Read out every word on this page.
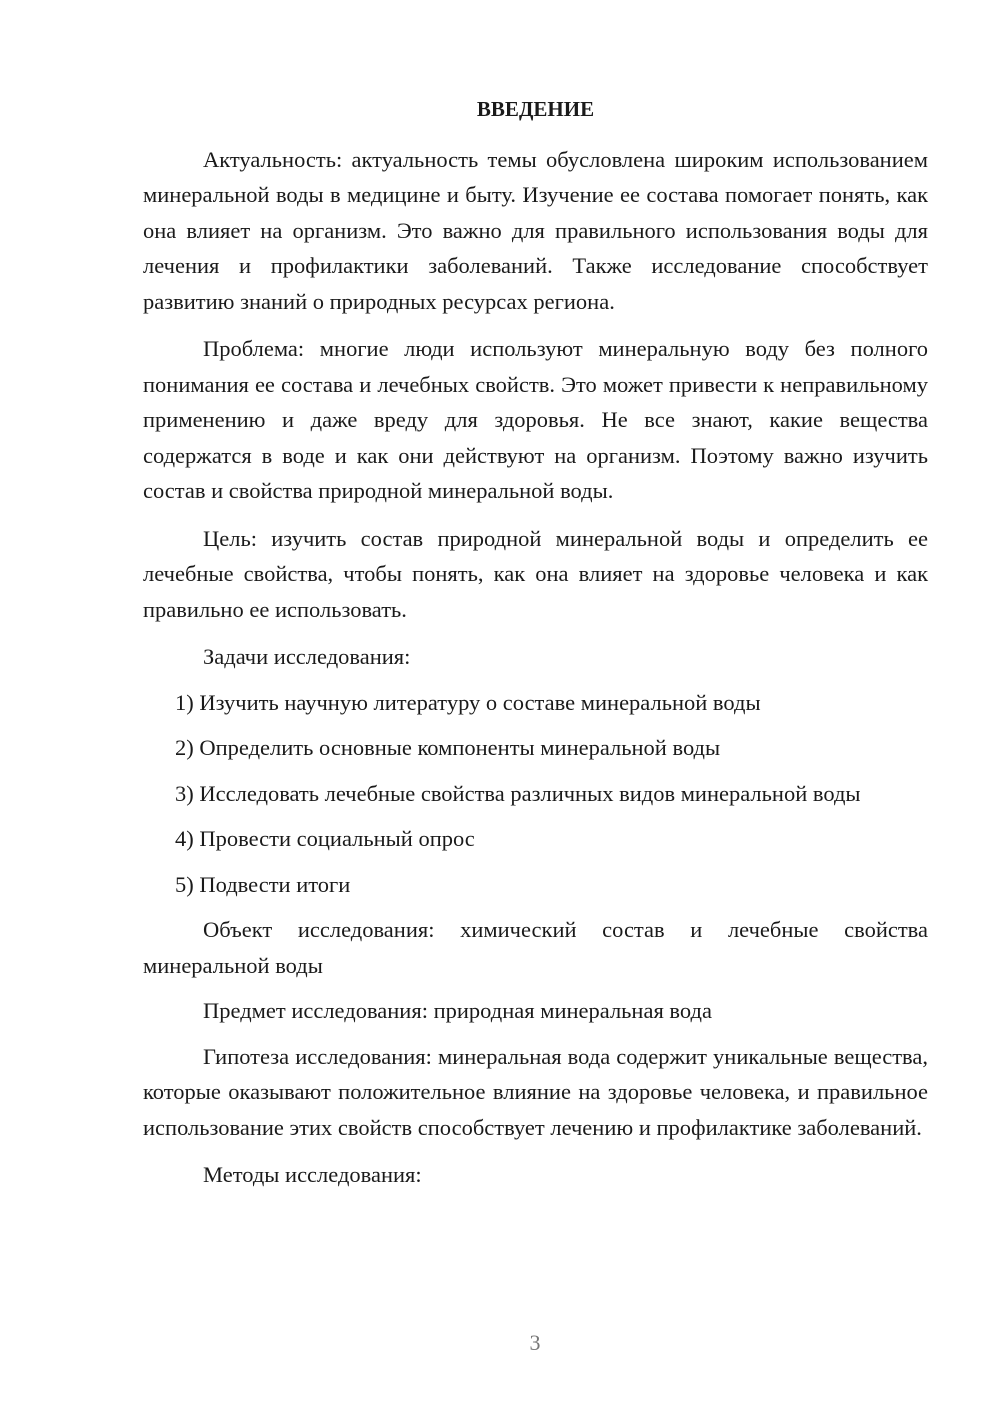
ВВЕДЕНИЕ

Актуальность: актуальность темы обусловлена широким использованием минеральной воды в медицине и быту. Изучение ее состава помогает понять, как она влияет на организм. Это важно для правильного использования воды для лечения и профилактики заболеваний. Также исследование способствует развитию знаний о природных ресурсах региона.

Проблема: многие люди используют минеральную воду без полного понимания ее состава и лечебных свойств. Это может привести к неправильному применению и даже вреду для здоровья. Не все знают, какие вещества содержатся в воде и как они действуют на организм. Поэтому важно изучить состав и свойства природной минеральной воды.

Цель: изучить состав природной минеральной воды и определить ее лечебные свойства, чтобы понять, как она влияет на здоровье человека и как правильно ее использовать.

Задачи исследования:

1) Изучить научную литературу о составе минеральной воды

2) Определить основные компоненты минеральной воды

3) Исследовать лечебные свойства различных видов минеральной воды

4) Провести социальный опрос

5) Подвести итоги

Объект исследования: химический состав и лечебные свойства минеральной воды

Предмет исследования: природная минеральная вода

Гипотеза исследования: минеральная вода содержит уникальные вещества, которые оказывают положительное влияние на здоровье человека, и правильное использование этих свойств способствует лечению и профилактике заболеваний.

Методы исследования:

3
